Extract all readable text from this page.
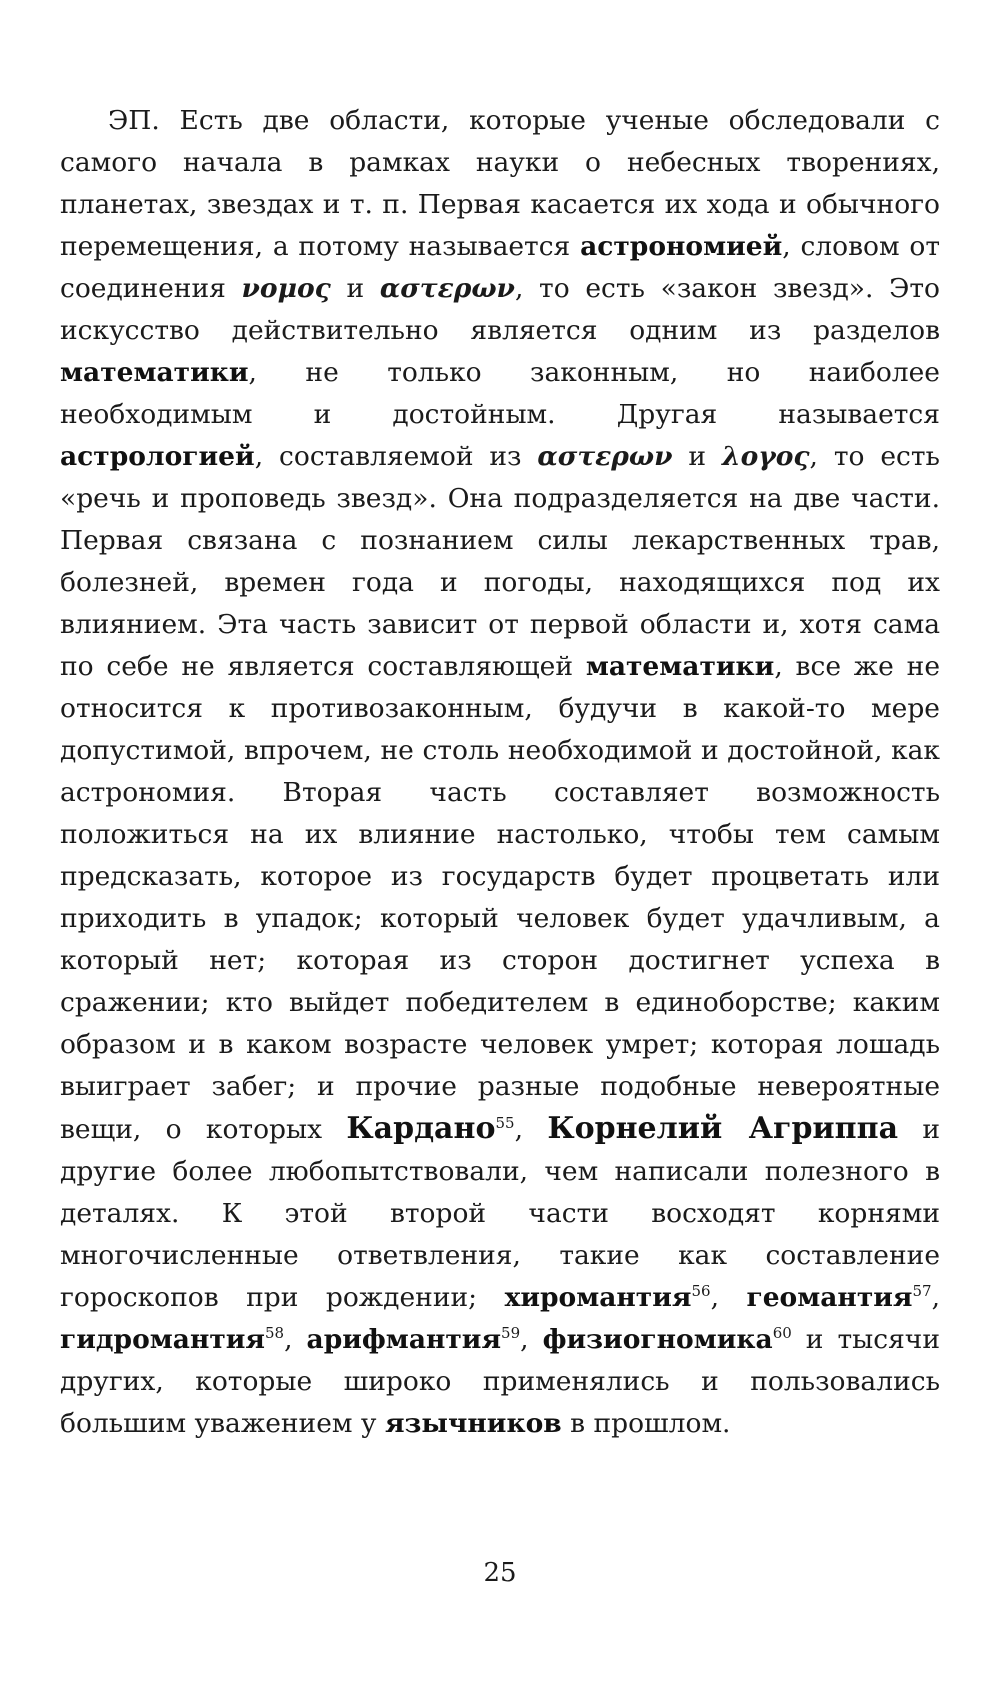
ЭП. Есть две области, которые ученые обследовали с самого начала в рамках науки о небесных творениях, планетах, звездах и т. п. Первая касается их хода и обычного перемещения, а потому называется астрономией, словом от соединения νομος и αστερων, то есть «закон звезд». Это искусство действительно является одним из разделов математики, не только законным, но наиболее необходимым и достойным. Другая называется астрологией, составляемой из αστερων и λογος, то есть «речь и проповедь звезд». Она подразделяется на две части. Первая связана с познанием силы лекарственных трав, болезней, времен года и погоды, находящихся под их влиянием. Эта часть зависит от первой области и, хотя сама по себе не является составляющей математики, все же не относится к противозаконным, будучи в какой-то мере допустимой, впрочем, не столь необходимой и достойной, как астрономия. Вторая часть составляет возможность положиться на их влияние настолько, чтобы тем самым предсказать, которое из государств будет процветать или приходить в упадок; который человек будет удачливым, а который нет; которая из сторон достигнет успеха в сражении; кто выйдет победителем в единоборстве; каким образом и в каком возрасте человек умрет; которая лошадь выиграет забег; и прочие разные подобные невероятные вещи, о которых Кардано$^{55}$, Корнелий Агриппа и другие более любопытствовали, чем написали полезного в деталях. К этой второй части восходят корнями многочисленные ответвления, такие как составление гороскопов при рождении; хиромантия$^{56}$, геомантия$^{57}$, гидромантия$^{58}$, арифмантия$^{59}$, физиогномика$^{60}$ и тысячи других, которые широко применялись и пользовались большим уважением у язычников в прошлом.

25
